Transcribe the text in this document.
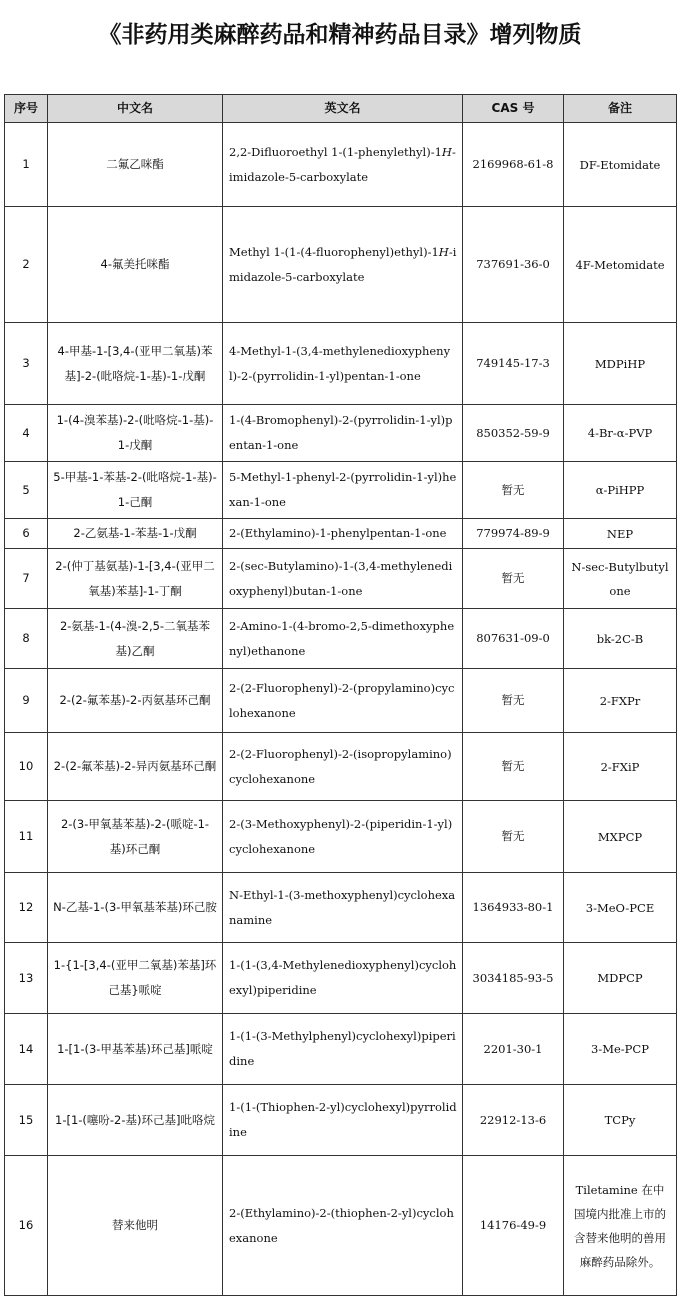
《非药用类麻醉药品和精神药品目录》增列物质
序号	中文名	英文名	CAS 号	备注
1	二氟乙咪酯	2,2-Difluoroethyl 1-(1-phenylethyl)-1H-imidazole-5-carboxylate	2169968-61-8	DF-Etomidate
2	4-氟美托咪酯	Methyl 1-(1-(4-fluorophenyl)ethyl)-1H-imidazole-5-carboxylate	737691-36-0	4F-Metomidate
3	4-甲基-1-[3,4-(亚甲二氧基)苯基]-2-(吡咯烷-1-基)-1-戊酮	4-Methyl-1-(3,4-methylenedioxyphenyl)-2-(pyrrolidin-1-yl)pentan-1-one	749145-17-3	MDPiHP
4	1-(4-溴苯基)-2-(吡咯烷-1-基)-1-戊酮	1-(4-Bromophenyl)-2-(pyrrolidin-1-yl)pentan-1-one	850352-59-9	4-Br-α-PVP
5	5-甲基-1-苯基-2-(吡咯烷-1-基)-1-己酮	5-Methyl-1-phenyl-2-(pyrrolidin-1-yl)hexan-1-one	暂无	α-PiHPP
6	2-乙氨基-1-苯基-1-戊酮	2-(Ethylamino)-1-phenylpentan-1-one	779974-89-9	NEP
7	2-(仲丁基氨基)-1-[3,4-(亚甲二氧基)苯基]-1-丁酮	2-(sec-Butylamino)-1-(3,4-methylenedioxyphenyl)butan-1-one	暂无	N-sec-Butylbutylone
8	2-氨基-1-(4-溴-2,5-二氧基苯基)乙酮	2-Amino-1-(4-bromo-2,5-dimethoxyphenyl)ethanone	807631-09-0	bk-2C-B
9	2-(2-氟苯基)-2-丙氨基环己酮	2-(2-Fluorophenyl)-2-(propylamino)cyclohexanone	暂无	2-FXPr
10	2-(2-氟苯基)-2-异丙氨基环己酮	2-(2-Fluorophenyl)-2-(isopropylamino)cyclohexanone	暂无	2-FXiP
11	2-(3-甲氧基苯基)-2-(哌啶-1-基)环己酮	2-(3-Methoxyphenyl)-2-(piperidin-1-yl)cyclohexanone	暂无	MXPCP
12	N-乙基-1-(3-甲氧基苯基)环己胺	N-Ethyl-1-(3-methoxyphenyl)cyclohexanamine	1364933-80-1	3-MeO-PCE
13	1-{1-[3,4-(亚甲二氧基)苯基]环己基}哌啶	1-(1-(3,4-Methylenedioxyphenyl)cyclohexyl)piperidine	3034185-93-5	MDPCP
14	1-[1-(3-甲基苯基)环己基]哌啶	1-(1-(3-Methylphenyl)cyclohexyl)piperidine	2201-30-1	3-Me-PCP
15	1-[1-(噻吩-2-基)环己基]吡咯烷	1-(1-(Thiophen-2-yl)cyclohexyl)pyrrolidine	22912-13-6	TCPy
16	替来他明	2-(Ethylamino)-2-(thiophen-2-yl)cyclohexanone	14176-49-9	Tiletamine 在中国境内批准上市的含替来他明的兽用麻醉药品除外。
